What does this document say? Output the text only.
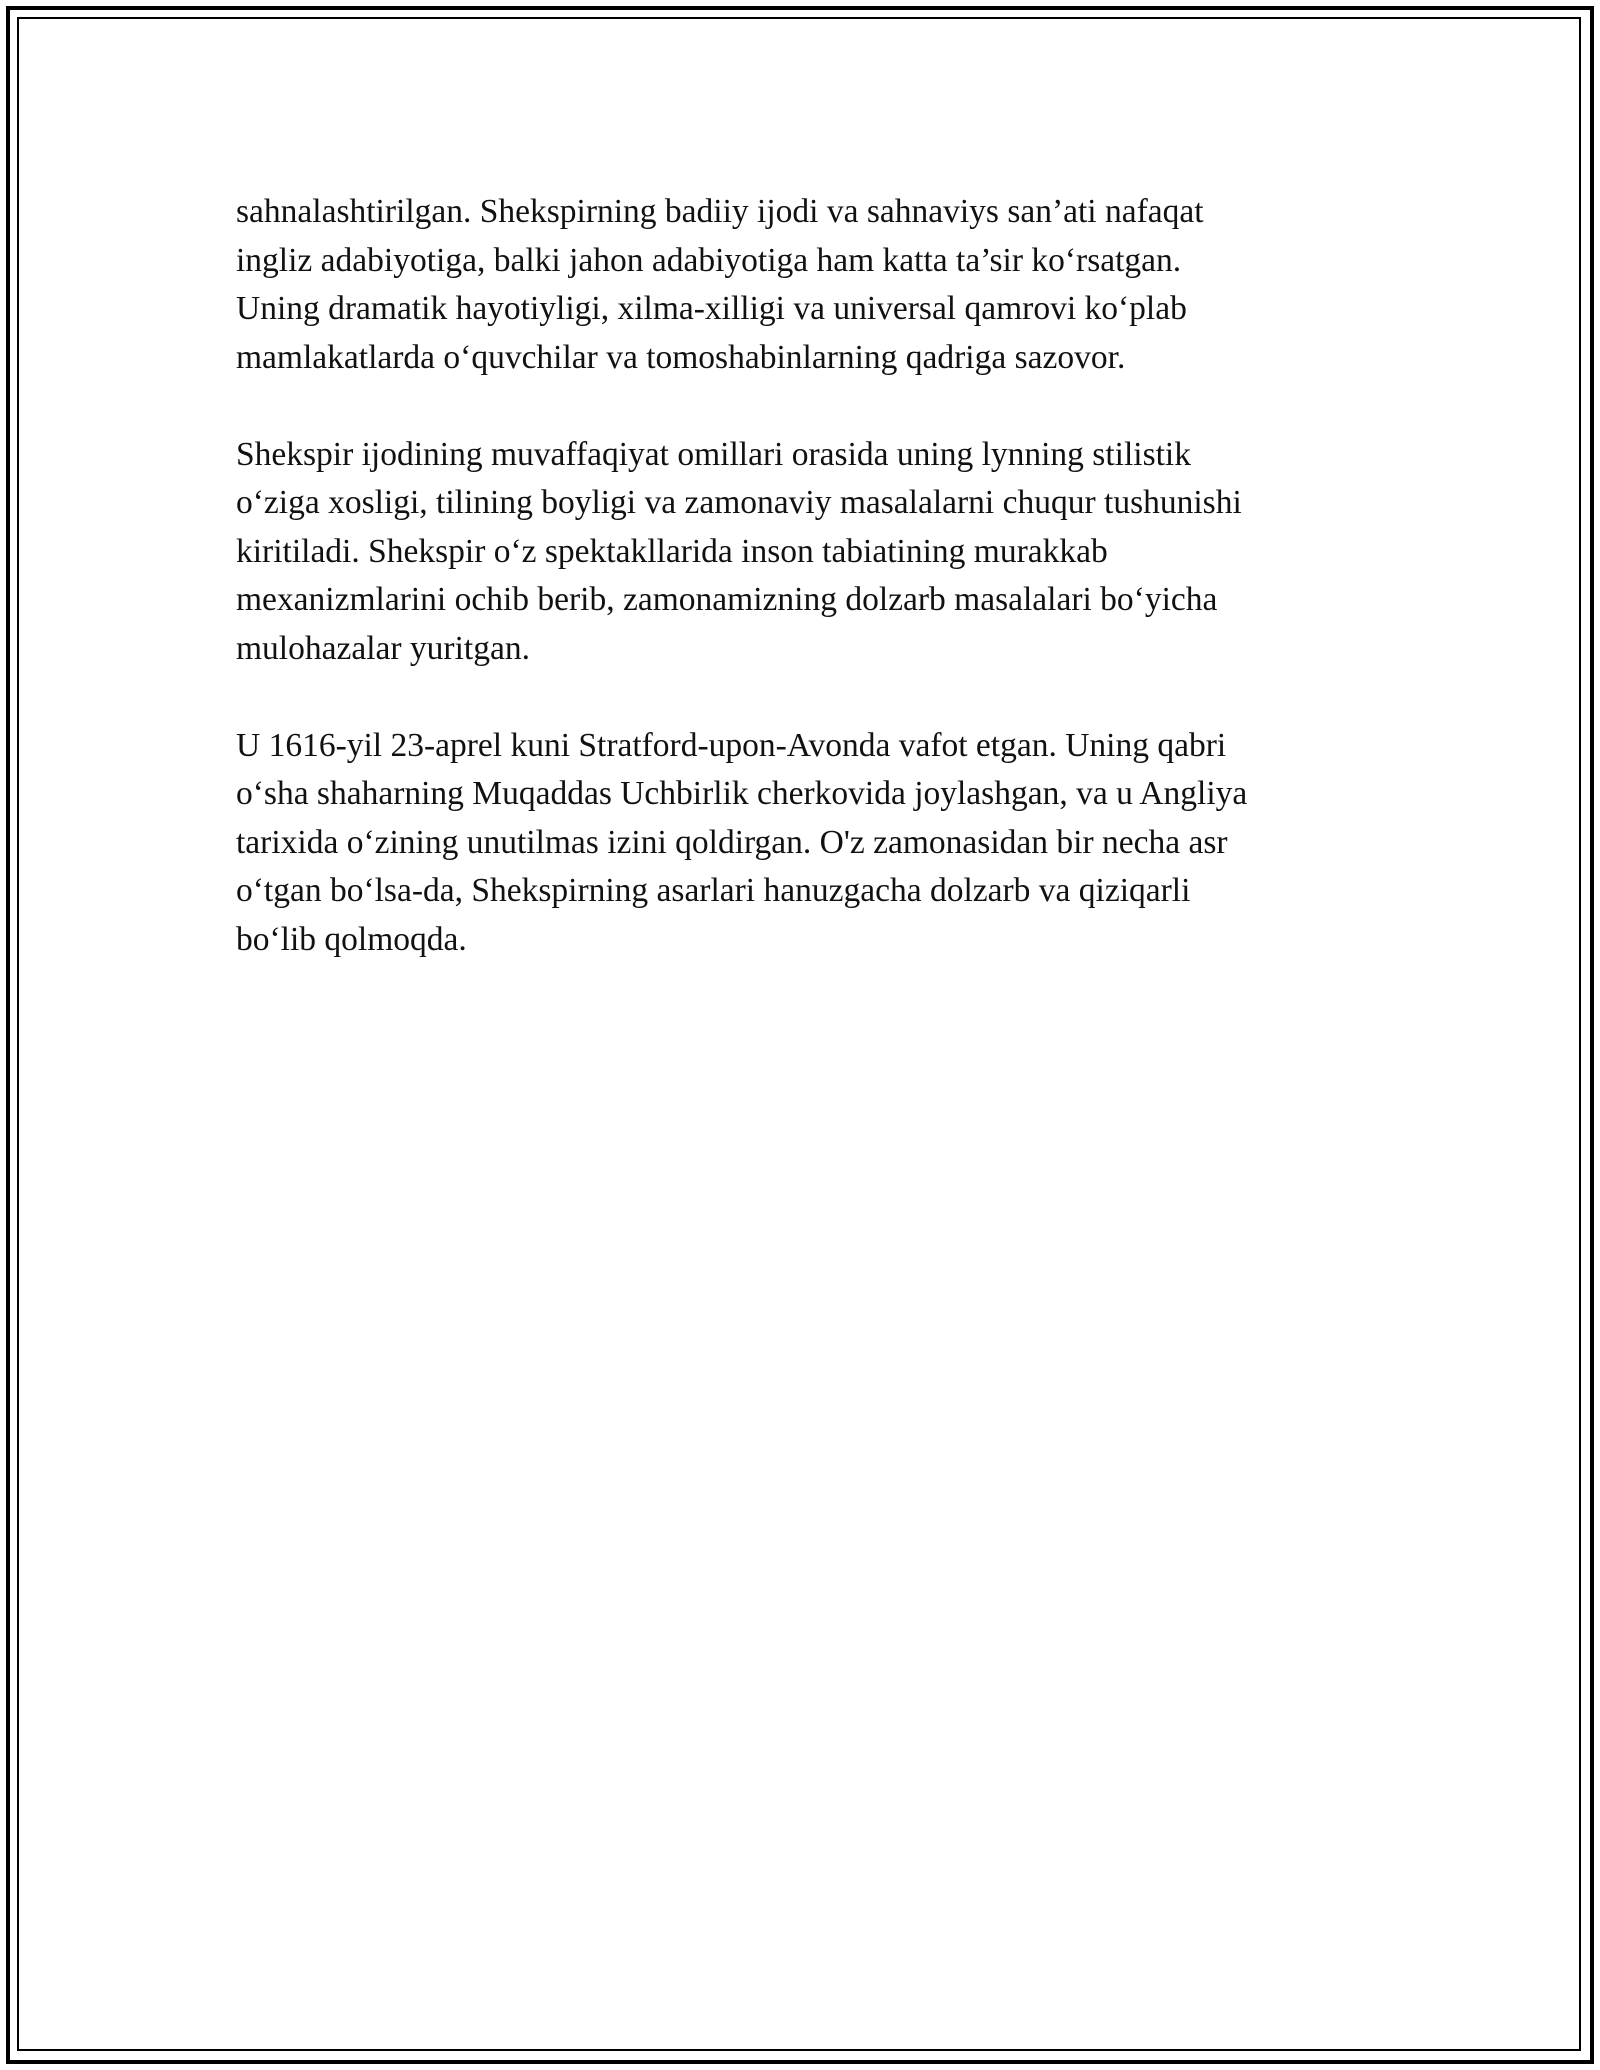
sahnalashtirilgan. Shekspirning badiiy ijodi va sahnaviys san’ati nafaqat
ingliz adabiyotiga, balki jahon adabiyotiga ham katta ta’sir ko‘rsatgan.
Uning dramatik hayotiyligi, xilma-xilligi va universal qamrovi ko‘plab
mamlakatlarda o‘quvchilar va tomoshabinlarning qadriga sazovor.

Shekspir ijodining muvaffaqiyat omillari orasida uning lynning stilistik
o‘ziga xosligi, tilining boyligi va zamonaviy masalalarni chuqur tushunishi
kiritiladi. Shekspir o‘z spektakllarida inson tabiatining murakkab
mexanizmlarini ochib berib, zamonamizning dolzarb masalalari bo‘yicha
mulohazalar yuritgan.

U 1616-yil 23-aprel kuni Stratford-upon-Avonda vafot etgan. Uning qabri
o‘sha shaharning Muqaddas Uchbirlik cherkovida joylashgan, va u Angliya
tarixida o‘zining unutilmas izini qoldirgan. O'z zamonasidan bir necha asr
o‘tgan bo‘lsa-da, Shekspirning asarlari hanuzgacha dolzarb va qiziqarli
bo‘lib qolmoqda.
